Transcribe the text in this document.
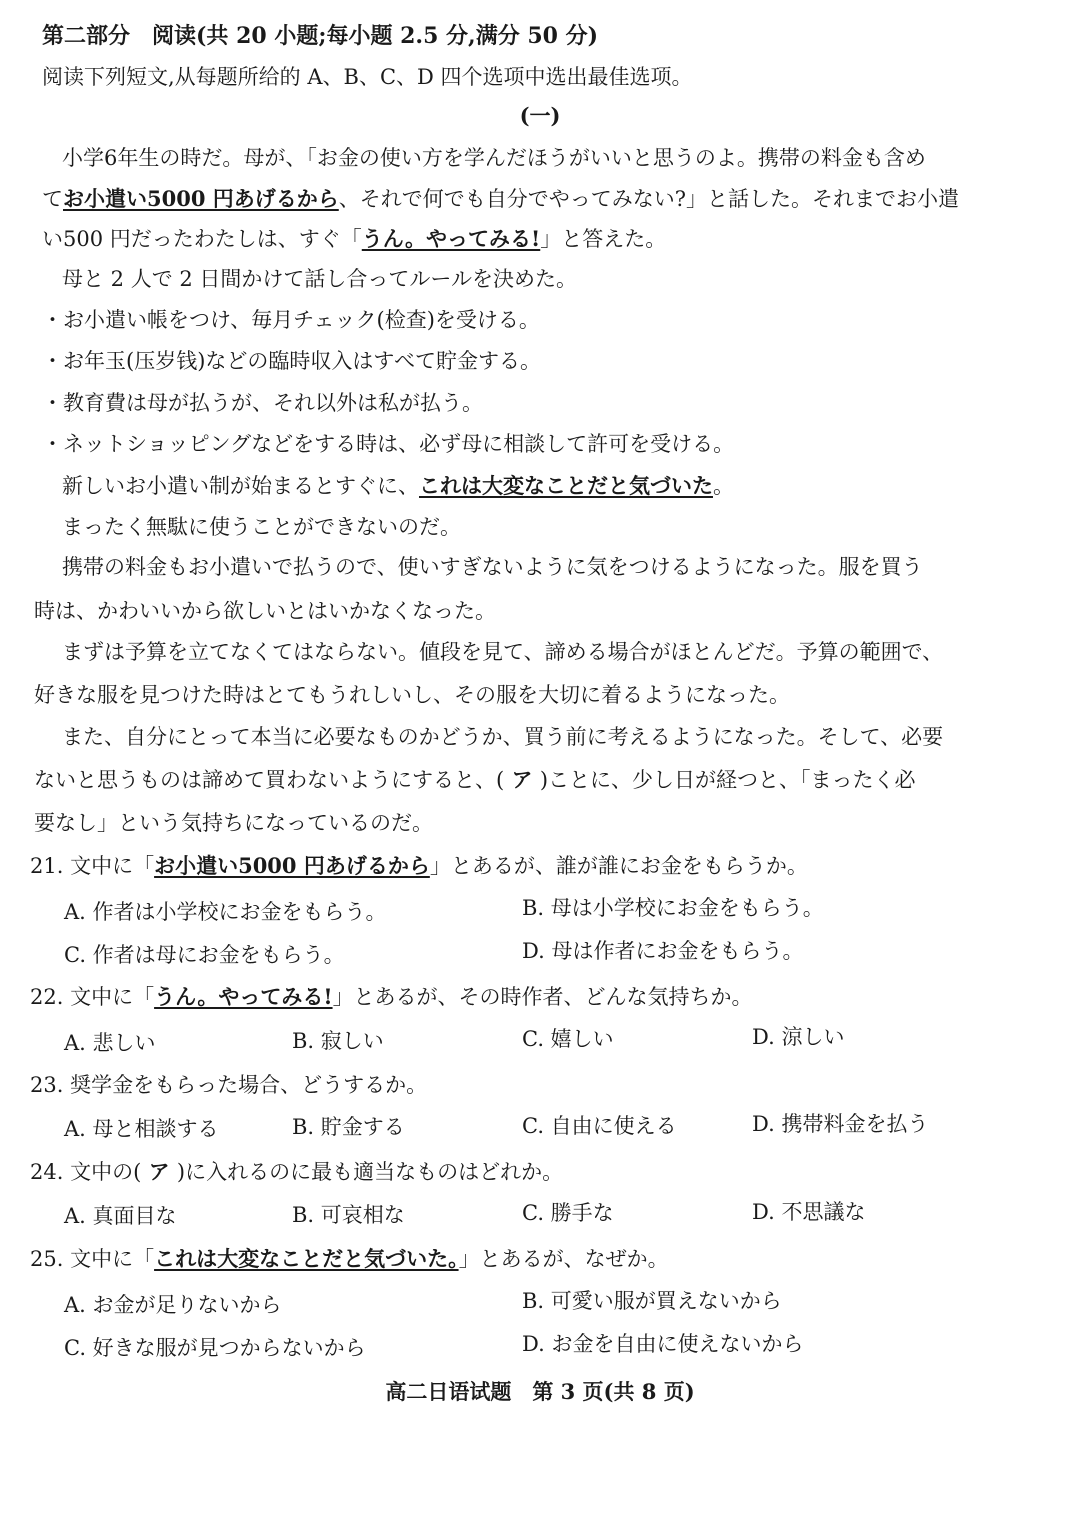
第二部分　阅读(共 20 小题;每小题 2.5 分,满分 50 分)
阅读下列短文,从每题所给的 A、B、C、D 四个选项中选出最佳选项。
(一)
小学6年生の時だ。母が、「お金の使い方を学んだほうがいいと思うのよ。携帯の料金も含め
てお小遣い5000 円あげるから、それで何でも自分でやってみない?」と話した。それまでお小遣
い500 円だったわたしは、すぐ「うん。やってみる!」と答えた。
母と 2 人で 2 日間かけて話し合ってルールを決めた。
・お小遣い帳をつけ、毎月チェック(检查)を受ける。
・お年玉(压岁钱)などの臨時収入はすべて貯金する。
・教育費は母が払うが、それ以外は私が払う。
・ネットショッピングなどをする時は、必ず母に相談して許可を受ける。
新しいお小遣い制が始まるとすぐに、これは大変なことだと気づいた。
まったく無駄に使うことができないのだ。
携帯の料金もお小遣いで払うので、使いすぎないように気をつけるようになった。服を買う
時は、かわいいから欲しいとはいかなくなった。
まずは予算を立てなくてはならない。値段を見て、諦める場合がほとんどだ。予算の範囲で、
好きな服を見つけた時はとてもうれしいし、その服を大切に着るようになった。
また、自分にとって本当に必要なものかどうか、買う前に考えるようになった。そして、必要
ないと思うものは諦めて買わないようにすると、( ア )ことに、少し日が経つと、「まったく必
要なし」という気持ちになっているのだ。
21. 文中に「お小遣い5000 円あげるから」とあるが、誰が誰にお金をもらうか。
A. 作者は小学校にお金をもらう。	B. 母は小学校にお金をもらう。
C. 作者は母にお金をもらう。	D. 母は作者にお金をもらう。
22. 文中に「うん。やってみる!」とあるが、その時作者、どんな気持ちか。
A. 悲しい	B. 寂しい	C. 嬉しい	D. 涼しい
23. 奨学金をもらった場合、どうするか。
A. 母と相談する	B. 貯金する	C. 自由に使える	D. 携帯料金を払う
24. 文中の( ア )に入れるのに最も適当なものはどれか。
A. 真面目な	B. 可哀相な	C. 勝手な	D. 不思議な
25. 文中に「これは大変なことだと気づいた。」とあるが、なぜか。
A. お金が足りないから	B. 可愛い服が買えないから
C. 好きな服が見つからないから	D. お金を自由に使えないから
高二日语试题　第 3 页(共 8 页)
